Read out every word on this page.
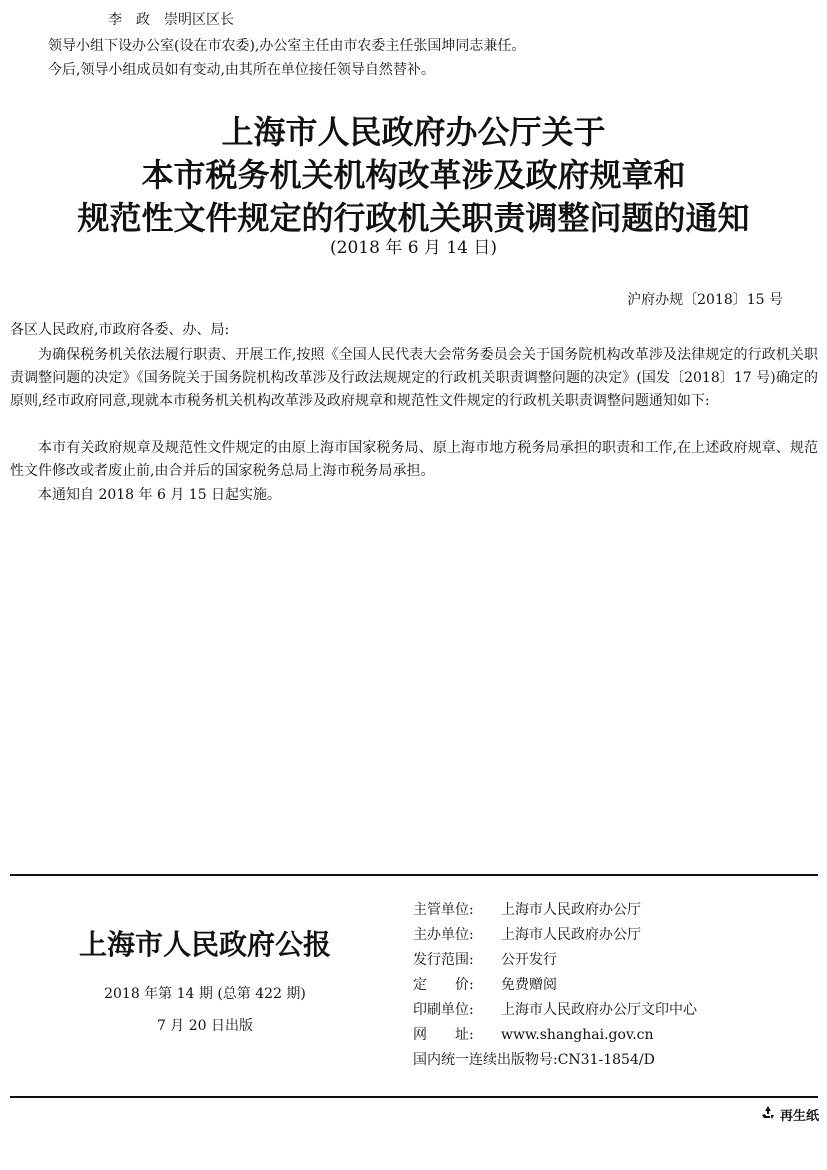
李　政　崇明区区长
领导小组下设办公室(设在市农委),办公室主任由市农委主任张国坤同志兼任。
今后,领导小组成员如有变动,由其所在单位接任领导自然替补。
上海市人民政府办公厅关于
本市税务机关机构改革涉及政府规章和
规范性文件规定的行政机关职责调整问题的通知
(2018 年 6 月 14 日)
沪府办规〔2018〕15 号
各区人民政府,市政府各委、办、局:
为确保税务机关依法履行职责、开展工作,按照《全国人民代表大会常务委员会关于国务院机构改革涉及法律规定的行政机关职责调整问题的决定》《国务院关于国务院机构改革涉及行政法规规定的行政机关职责调整问题的决定》(国发〔2018〕17 号)确定的原则,经市政府同意,现就本市税务机关机构改革涉及政府规章和规范性文件规定的行政机关职责调整问题通知如下:
本市有关政府规章及规范性文件规定的由原上海市国家税务局、原上海市地方税务局承担的职责和工作,在上述政府规章、规范性文件修改或者废止前,由合并后的国家税务总局上海市税务局承担。
本通知自 2018 年 6 月 15 日起实施。
上海市人民政府公报
2018 年第 14 期 (总第 422 期)
7 月 20 日出版
主管单位: 上海市人民政府办公厅
主办单位: 上海市人民政府办公厅
发行范围: 公开发行
定　　价: 免费赠阅
印刷单位: 上海市人民政府办公厅文印中心
网　　址: www.shanghai.gov.cn
国内统一连续出版物号:CN31-1854/D
再生纸
